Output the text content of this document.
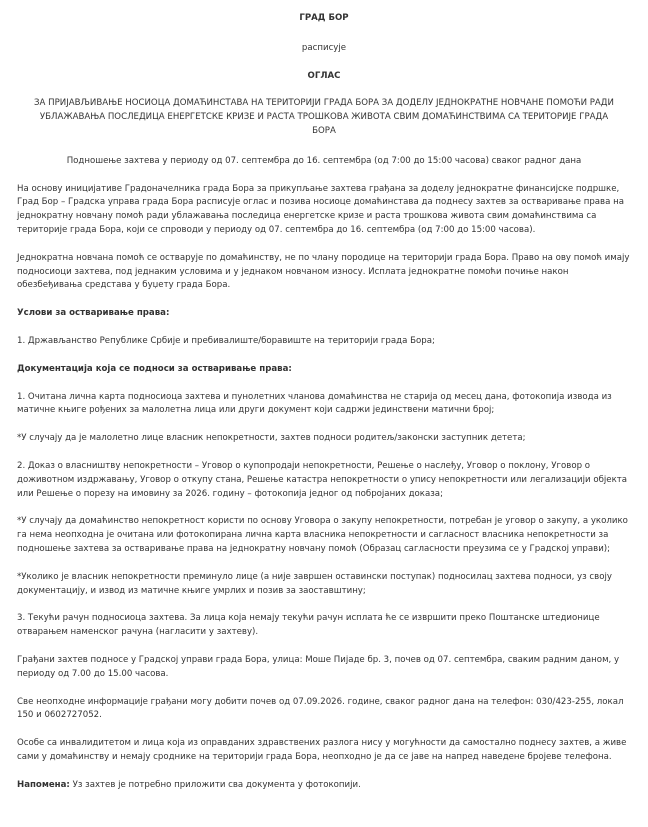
ГРАД БОР

расписује

ОГЛАС

ЗА ПРИЈАВЉИВАЊЕ НОСИОЦА ДОМАЋИНСТАВА НА ТЕРИТОРИЈИ ГРАДА БОРА ЗА ДОДЕЛУ ЈЕДНОКРАТНЕ НОВЧАНЕ ПОМОЋИ РАДИ УБЛАЖАВАЊА ПОСЛЕДИЦА ЕНЕРГЕТСКЕ КРИЗЕ И РАСТА ТРОШКОВА ЖИВОТА СВИМ ДОМАЋИНСТВИМА СА ТЕРИТОРИЈЕ ГРАДА БОРА

Подношење захтева у периоду од 07. септембра до 16. септембра (од 7:00 до 15:00 часова) сваког радног дана

На основу иницијативе Градоначелника града Бора за прикупљање захтева грађана за доделу једнократне финансијске подршке, Град Бор – Градска управа града Бора расписује оглас и позива носиоце домаћинстава да поднесу захтев за остваривање права на једнократну новчану помоћ ради ублажавања последица енергетске кризе и раста трошкова живота свим домаћинствима са територије града Бора, који се спроводи у периоду од 07. септембра до 16. септембра (од 7:00 до 15:00 часова).

Једнократна новчана помоћ се остварује по домаћинству, не по члану породице на територији града Бора. Право на ову помоћ имају подносиоци захтева, под једнаким условима и у једнаком новчаном износу. Исплата једнократне помоћи почиње након обезбеђивања средстава у буџету града Бора.

Услови за остваривање права:

1. Држављанство Републике Србије и пребивалиште/боравиште на територији града Бора;

Документација која се подноси за остваривање права:

1. Очитана лична карта подносиоца захтева и пунолетних чланова домаћинства не старија од месец дана, фотокопија извода из матичне књиге рођених за малолетна лица или други документ који садржи јединствени матични број;

*У случају да је малолетно лице власник непокретности, захтев подноси родитељ/законски заступник детета;

2. Доказ о власништву непокретности – Уговор о купопродаји непокретности, Решење о наслеђу, Уговор о поклону, Уговор о доживотном издржавању, Уговор о откупу стана, Решење катастра непокретности о упису непокретности или легализацији објекта или Решење о порезу на имовину за 2026. годину – фотокопија једног од побројаних доказа;

*У случају да домаћинство непокретност користи по основу Уговора о закупу непокретности, потребан је уговор о закупу, а уколико га нема неопходна је очитана или фотокопирана лична карта власника непокретности и сагласност власника непокретности за подношење захтева за остваривање права на једнократну новчану помоћ (Образац сагласности преузима се у Градској управи);

*Уколико је власник непокретности преминуло лице (а није завршен оставински поступак) подносилац захтева подноси, уз своју документацију, и извод из матичне књиге умрлих и позив за заоставштину;

3. Текући рачун подносиоца захтева. За лица која немају текући рачун исплата ће се извршити преко Поштанске штедионице отварањем наменског рачуна (нагласити у захтеву).

Грађани захтев подносе у Градској управи града Бора, улица: Моше Пијаде бр. 3, почев од 07. септембра, сваким радним даном, у периоду од 7.00 до 15.00 часова.

Све неопходне информације грађани могу добити почев од 07.09.2026. године, сваког радног дана на телефон: 030/423-255, локал 150 и 0602727052.

Особе са инвалидитетом и лица која из оправданих здравствених разлога нису у могућности да самостално поднесу захтев, а живе сами у домаћинству и немају сроднике на територији града Бора, неопходно је да се јаве на напред наведене бројеве телефона.

Напомена: Уз захтев је потребно приложити сва документа у фотокопији.
